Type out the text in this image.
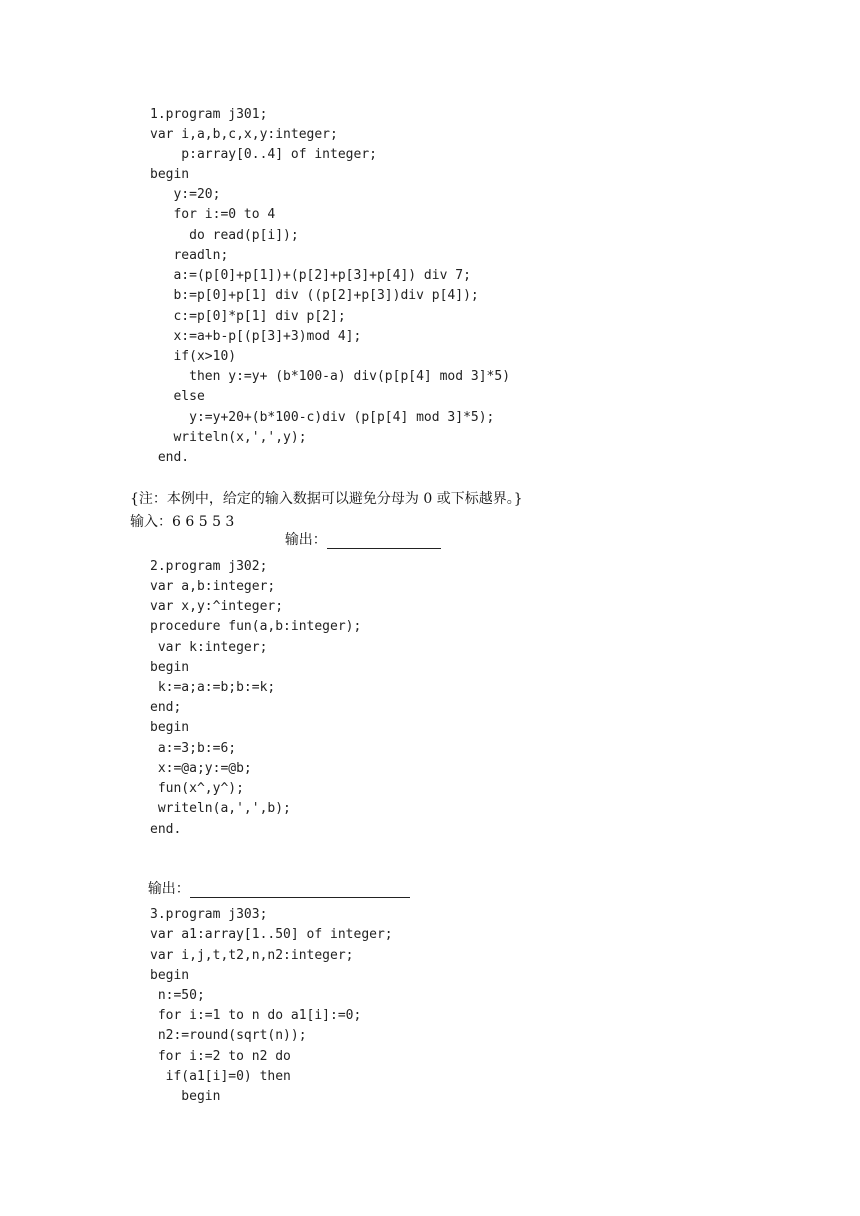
1.program j301;
var i,a,b,c,x,y:integer;
p:array[0..4] of integer;
begin
y:=20;
for i:=0 to 4
do read(p[i]);
readln;
a:=(p[0]+p[1])+(p[2]+p[3]+p[4]) div 7;
b:=p[0]+p[1] div ((p[2]+p[3])div p[4]);
c:=p[0]*p[1] div p[2];
x:=a+b-p[(p[3]+3)mod 4];
if(x>10)
then y:=y+ (b*100-a) div(p[p[4] mod 3]*5)
else
y:=y+20+(b*100-c)div (p[p[4] mod 3]*5);
writeln(x,',',y);
end.
{注：本例中，给定的输入数据可以避免分母为 0 或下标越界。}
输入：6 6 5 5 3

输出：

2.program j302;
var a,b:integer;
var x,y:^integer;
procedure fun(a,b:integer);
var k:integer;
begin
k:=a;a:=b;b:=k;
end;
begin
a:=3;b:=6;
x:=@a;y:=@b;
fun(x^,y^);
writeln(a,',',b);
end.

输出：

3.program j303;
var a1:array[1..50] of integer;
var i,j,t,t2,n,n2:integer;
begin
n:=50;
for i:=1 to n do a1[i]:=0;
n2:=round(sqrt(n));
for i:=2 to n2 do
if(a1[i]=0) then
begin
